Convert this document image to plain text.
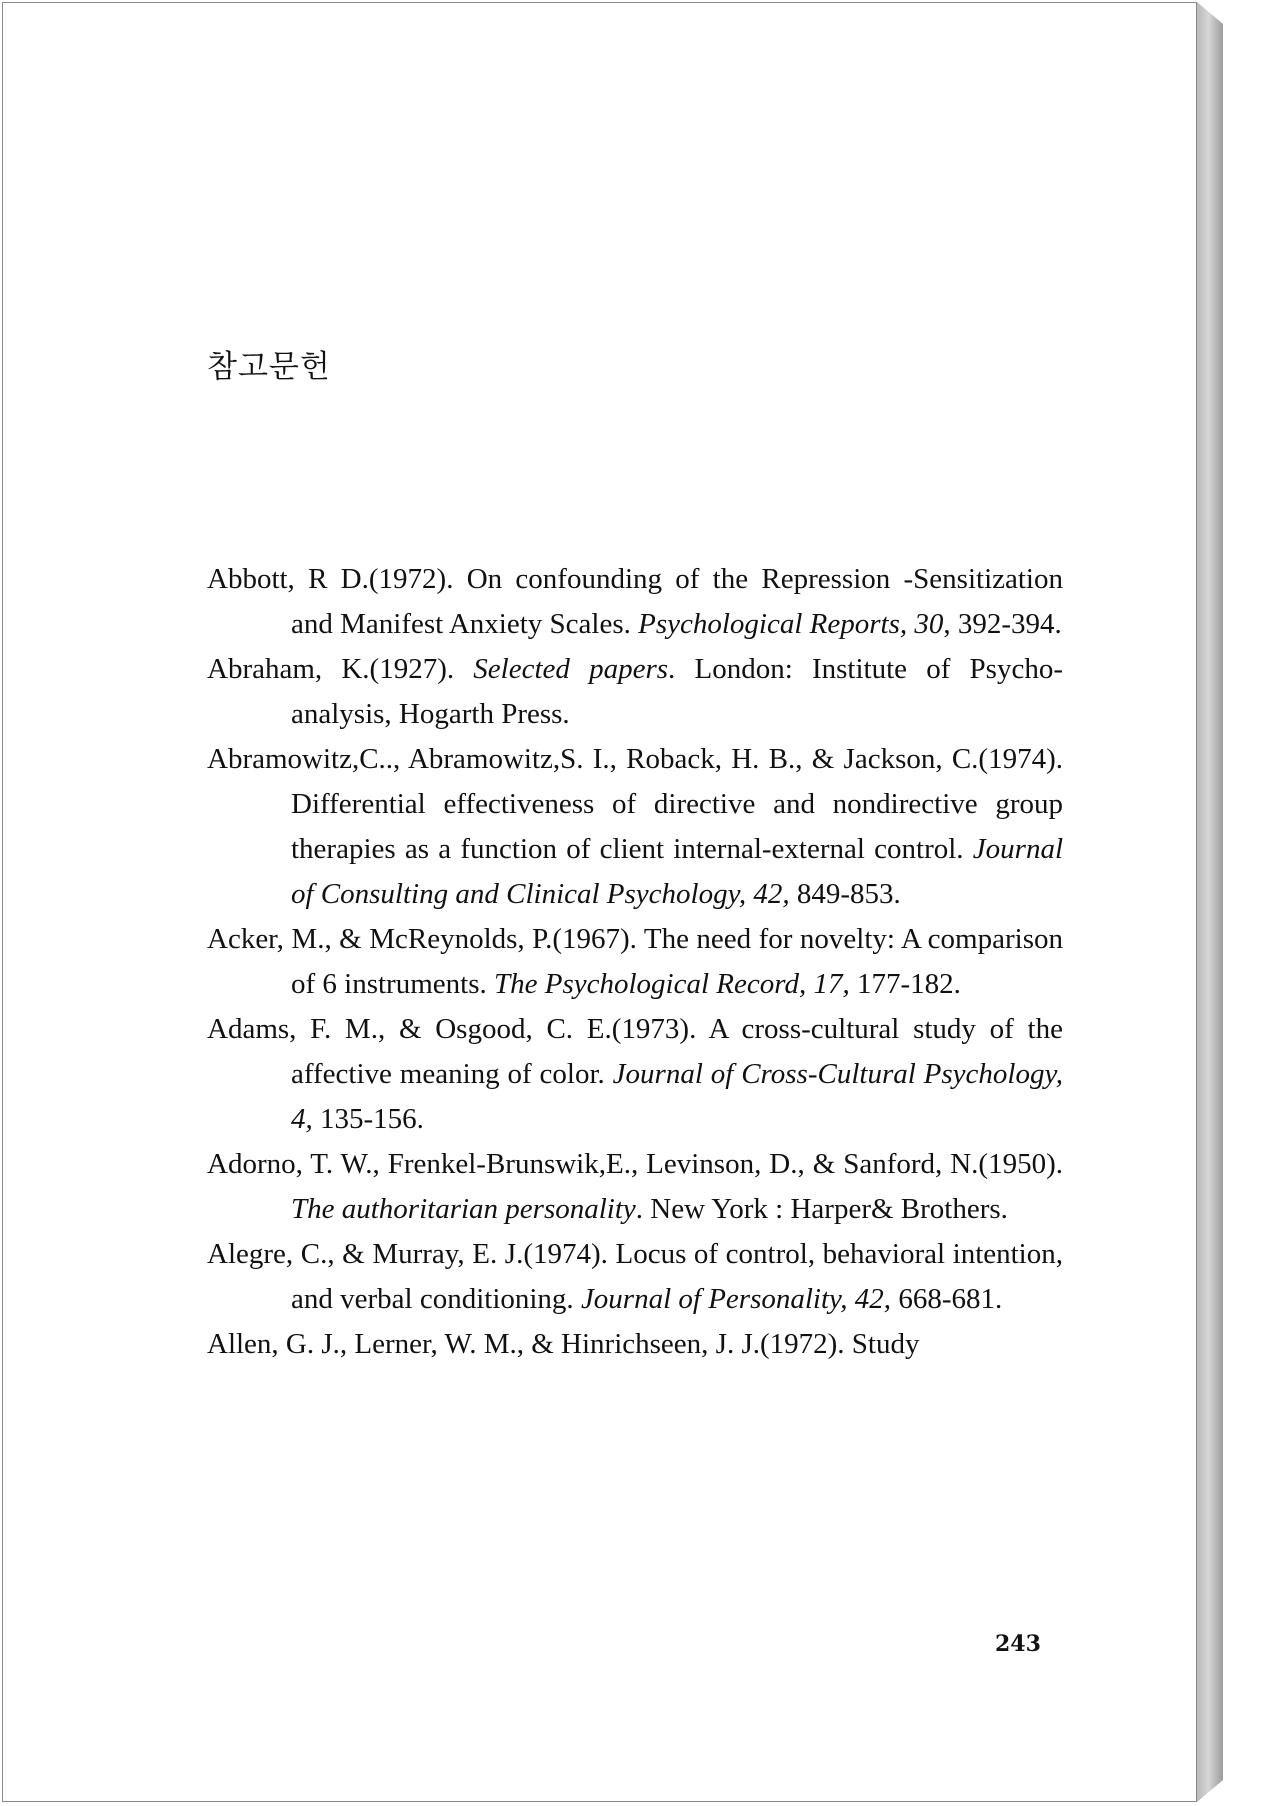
참고문헌
Abbott, R D.(1972). On confounding of the Repression -Sensitization and Manifest Anxiety Scales. Psychological Reports, 30, 392-394.
Abraham, K.(1927). Selected papers. London: Institute of Psycho-analysis, Hogarth Press.
Abramowitz,C.., Abramowitz,S. I., Roback, H. B., & Jackson, C.(1974). Differential effectiveness of directive and nondirective group therapies as a function of client internal-external control. Journal of Consulting and Clinical Psychology, 42, 849-853.
Acker, M., & McReynolds, P.(1967). The need for novelty: A comparison of 6 instruments. The Psychological Record, 17, 177-182.
Adams, F. M., & Osgood, C. E.(1973). A cross-cultural study of the affective meaning of color. Journal of Cross-Cultural Psychology, 4, 135-156.
Adorno, T. W., Frenkel-Brunswik,E., Levinson, D., & Sanford, N.(1950). The authoritarian personality. New York : Harper& Brothers.
Alegre, C., & Murray, E. J.(1974). Locus of control, behavioral intention, and verbal conditioning. Journal of Personality, 42, 668-681.
Allen, G. J., Lerner, W. M., & Hinrichseen, J. J.(1972). Study
243
